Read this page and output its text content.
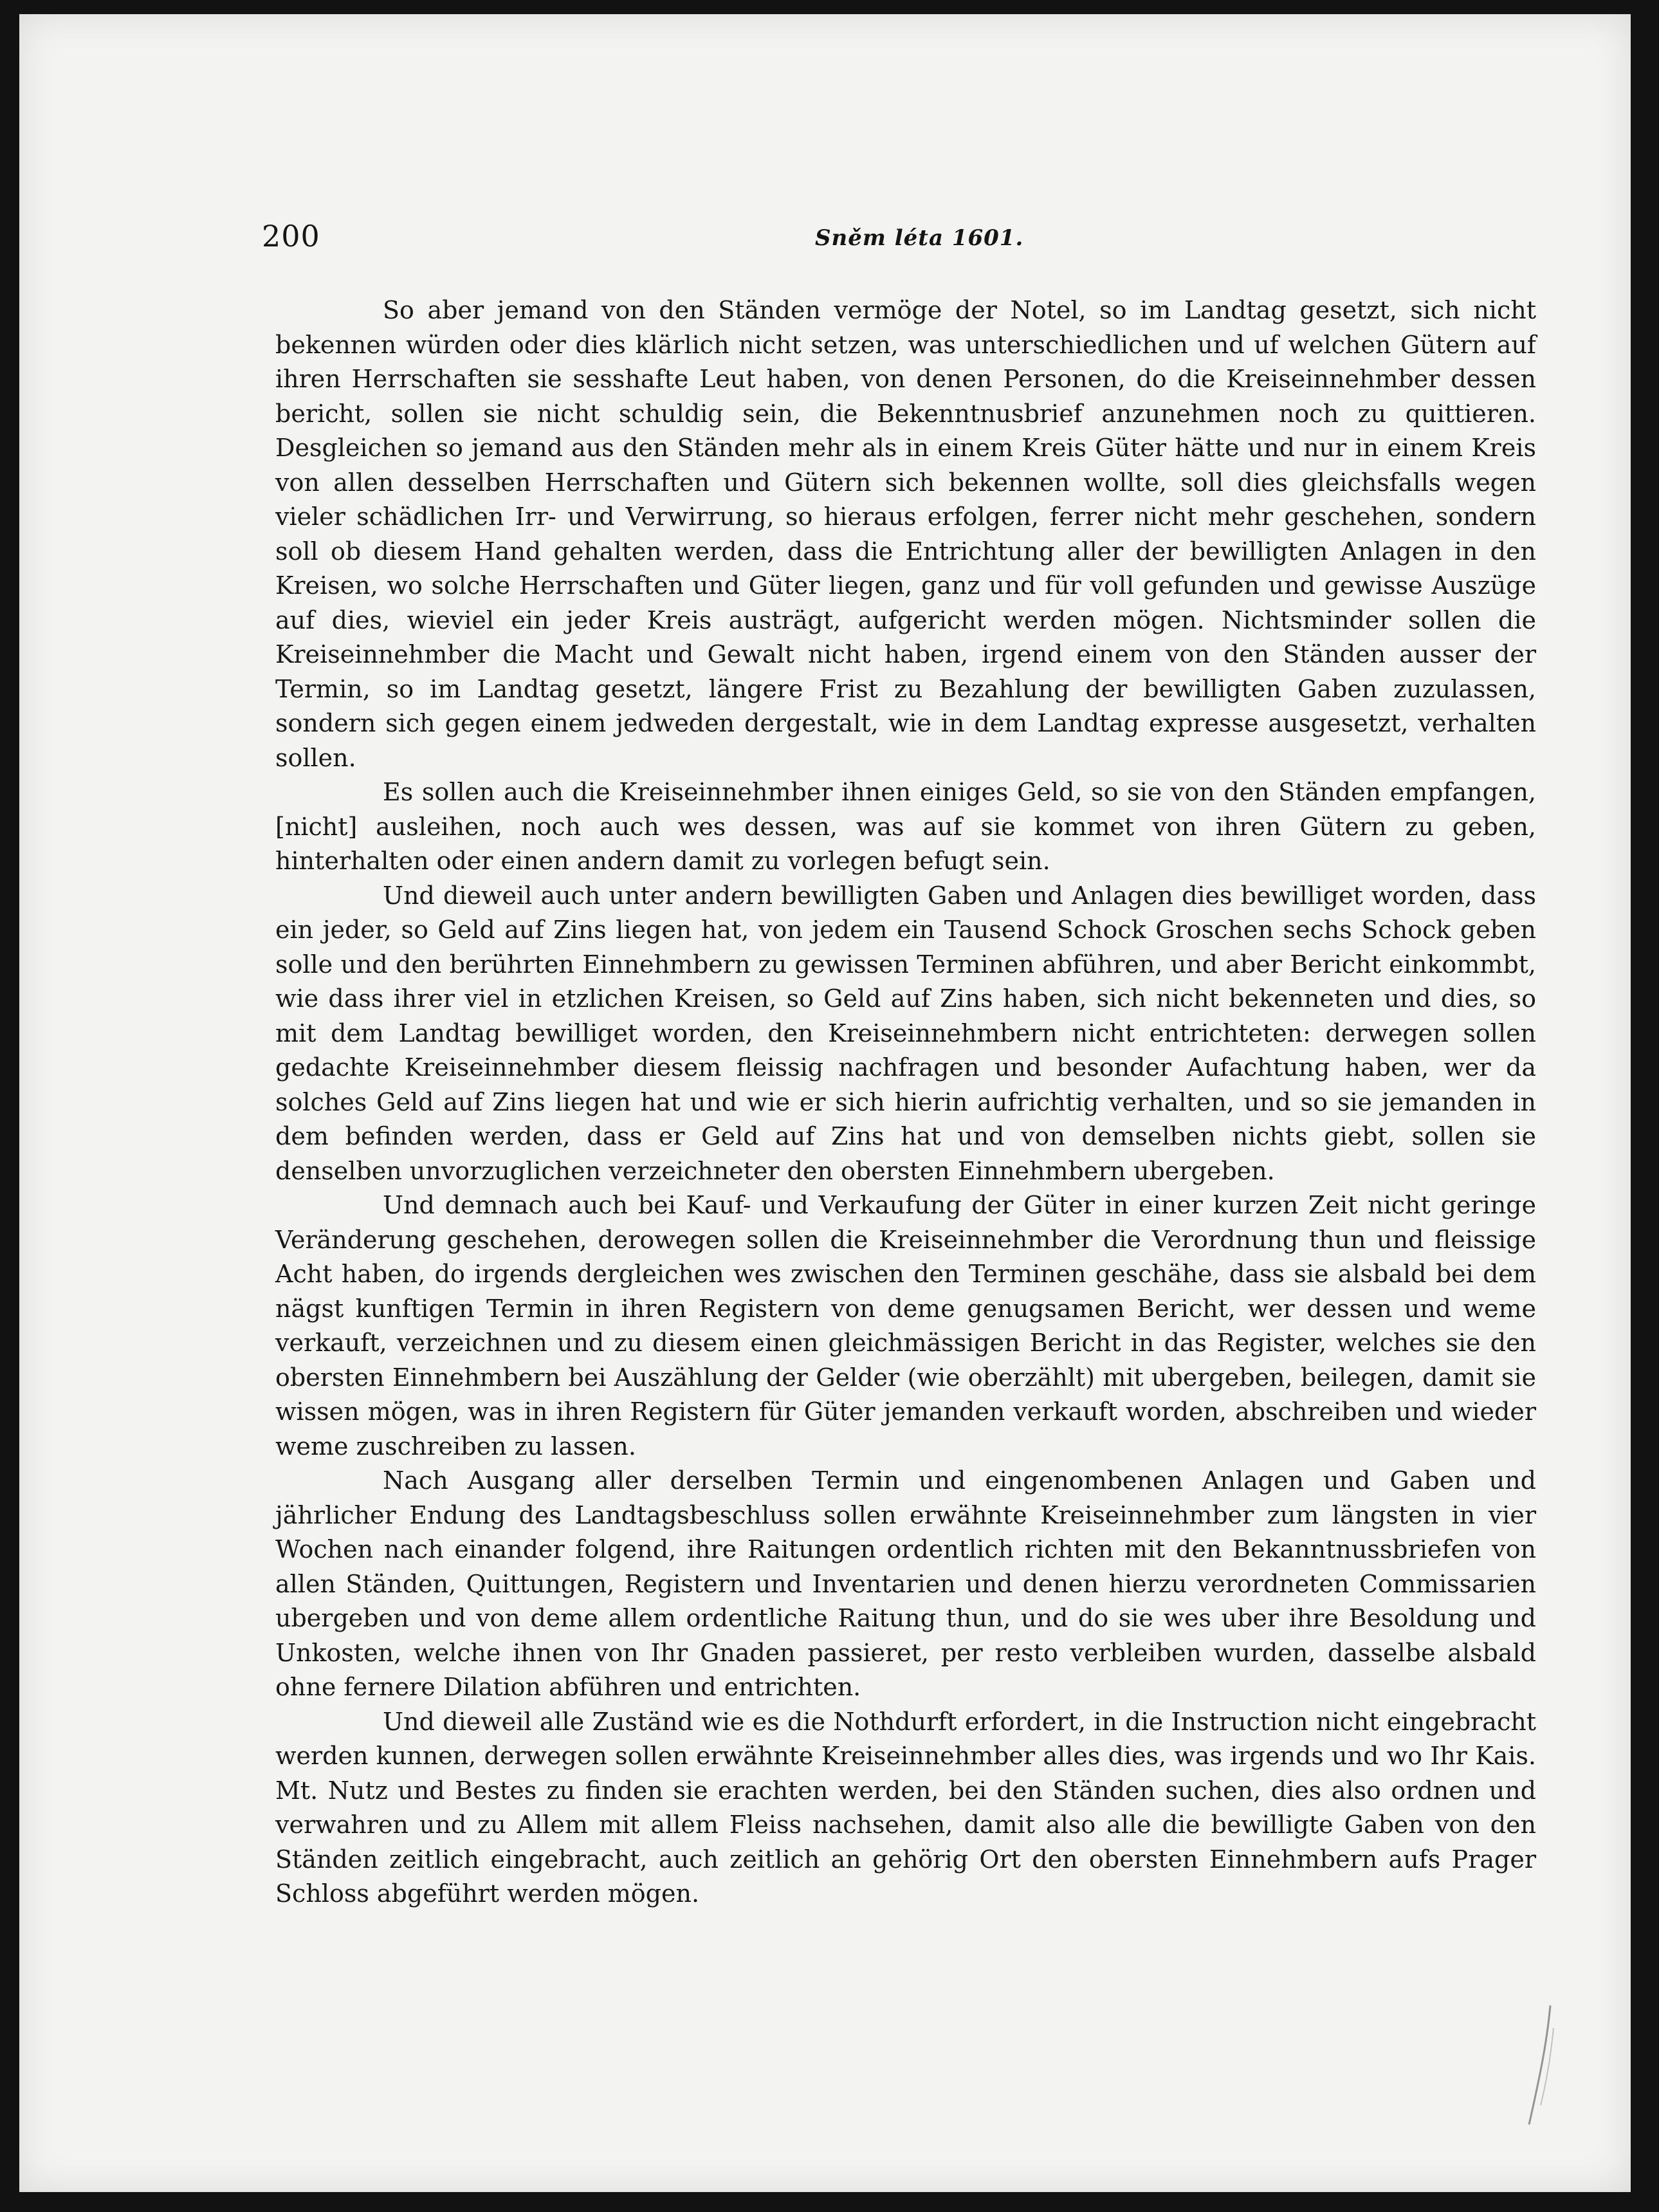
200	Sněm léta 1601.

So aber jemand von den Ständen vermöge der Notel, so im Landtag gesetzt, sich nicht bekennen würden oder dies klärlich nicht setzen, was unterschiedlichen und uf welchen Gütern auf ihren Herrschaften sie sesshafte Leut haben, von denen Personen, do die Kreiseinnehmber dessen bericht, sollen sie nicht schuldig sein, die Bekenntnusbrief anzunehmen noch zu quittieren. Desgleichen so jemand aus den Ständen mehr als in einem Kreis Güter hätte und nur in einem Kreis von allen desselben Herrschaften und Gütern sich bekennen wollte, soll dies gleichsfalls wegen vieler schädlichen Irr- und Verwirrung, so hieraus erfolgen, ferrer nicht mehr geschehen, sondern soll ob diesem Hand gehalten werden, dass die Entrichtung aller der bewilligten Anlagen in den Kreisen, wo solche Herrschaften und Güter liegen, ganz und für voll gefunden und gewisse Auszüge auf dies, wieviel ein jeder Kreis austrägt, aufgericht werden mögen. Nichtsminder sollen die Kreiseinnehmber die Macht und Gewalt nicht haben, irgend einem von den Ständen ausser der Termin, so im Landtag gesetzt, längere Frist zu Bezahlung der bewilligten Gaben zuzulassen, sondern sich gegen einem jedweden dergestalt, wie in dem Landtag expresse ausgesetzt, verhalten sollen.

Es sollen auch die Kreiseinnehmber ihnen einiges Geld, so sie von den Ständen empfangen, [nicht] ausleihen, noch auch wes dessen, was auf sie kommet von ihren Gütern zu geben, hinterhalten oder einen andern damit zu vorlegen befugt sein.

Und dieweil auch unter andern bewilligten Gaben und Anlagen dies bewilliget worden, dass ein jeder, so Geld auf Zins liegen hat, von jedem ein Tausend Schock Groschen sechs Schock geben solle und den berührten Einnehmbern zu gewissen Terminen abführen, und aber Bericht einkommbt, wie dass ihrer viel in etzlichen Kreisen, so Geld auf Zins haben, sich nicht bekenneten und dies, so mit dem Landtag bewilliget worden, den Kreiseinnehmbern nicht entrichteten: derwegen sollen gedachte Kreiseinnehmber diesem fleissig nachfragen und besonder Aufachtung haben, wer da solches Geld auf Zins liegen hat und wie er sich hierin aufrichtig verhalten, und so sie jemanden in dem befinden werden, dass er Geld auf Zins hat und von demselben nichts giebt, sollen sie denselben unvorzuglichen verzeichneter den obersten Einnehmbern ubergeben.

Und demnach auch bei Kauf- und Verkaufung der Güter in einer kurzen Zeit nicht geringe Veränderung geschehen, derowegen sollen die Kreiseinnehmber die Verordnung thun und fleissige Acht haben, do irgends dergleichen wes zwischen den Terminen geschähe, dass sie alsbald bei dem nägst kunftigen Termin in ihren Registern von deme genugsamen Bericht, wer dessen und weme verkauft, verzeichnen und zu diesem einen gleichmässigen Bericht in das Register, welches sie den obersten Einnehmbern bei Auszählung der Gelder (wie oberzählt) mit ubergeben, beilegen, damit sie wissen mögen, was in ihren Registern für Güter jemanden verkauft worden, abschreiben und wieder weme zuschreiben zu lassen.

Nach Ausgang aller derselben Termin und eingenombenen Anlagen und Gaben und jährlicher Endung des Landtagsbeschluss sollen erwähnte Kreiseinnehmber zum längsten in vier Wochen nach einander folgend, ihre Raitungen ordentlich richten mit den Bekanntnussbriefen von allen Ständen, Quittungen, Registern und Inventarien und denen hierzu verordneten Commissarien ubergeben und von deme allem ordentliche Raitung thun, und do sie wes uber ihre Besoldung und Unkosten, welche ihnen von Ihr Gnaden passieret, per resto verbleiben wurden, dasselbe alsbald ohne fernere Dilation abführen und entrichten.

Und dieweil alle Zuständ wie es die Nothdurft erfordert, in die Instruction nicht eingebracht werden kunnen, derwegen sollen erwähnte Kreiseinnehmber alles dies, was irgends und wo Ihr Kais. Mt. Nutz und Bestes zu finden sie erachten werden, bei den Ständen suchen, dies also ordnen und verwahren und zu Allem mit allem Fleiss nachsehen, damit also alle die bewilligte Gaben von den Ständen zeitlich eingebracht, auch zeitlich an gehörig Ort den obersten Einnehmbern aufs Prager Schloss abgeführt werden mögen.
